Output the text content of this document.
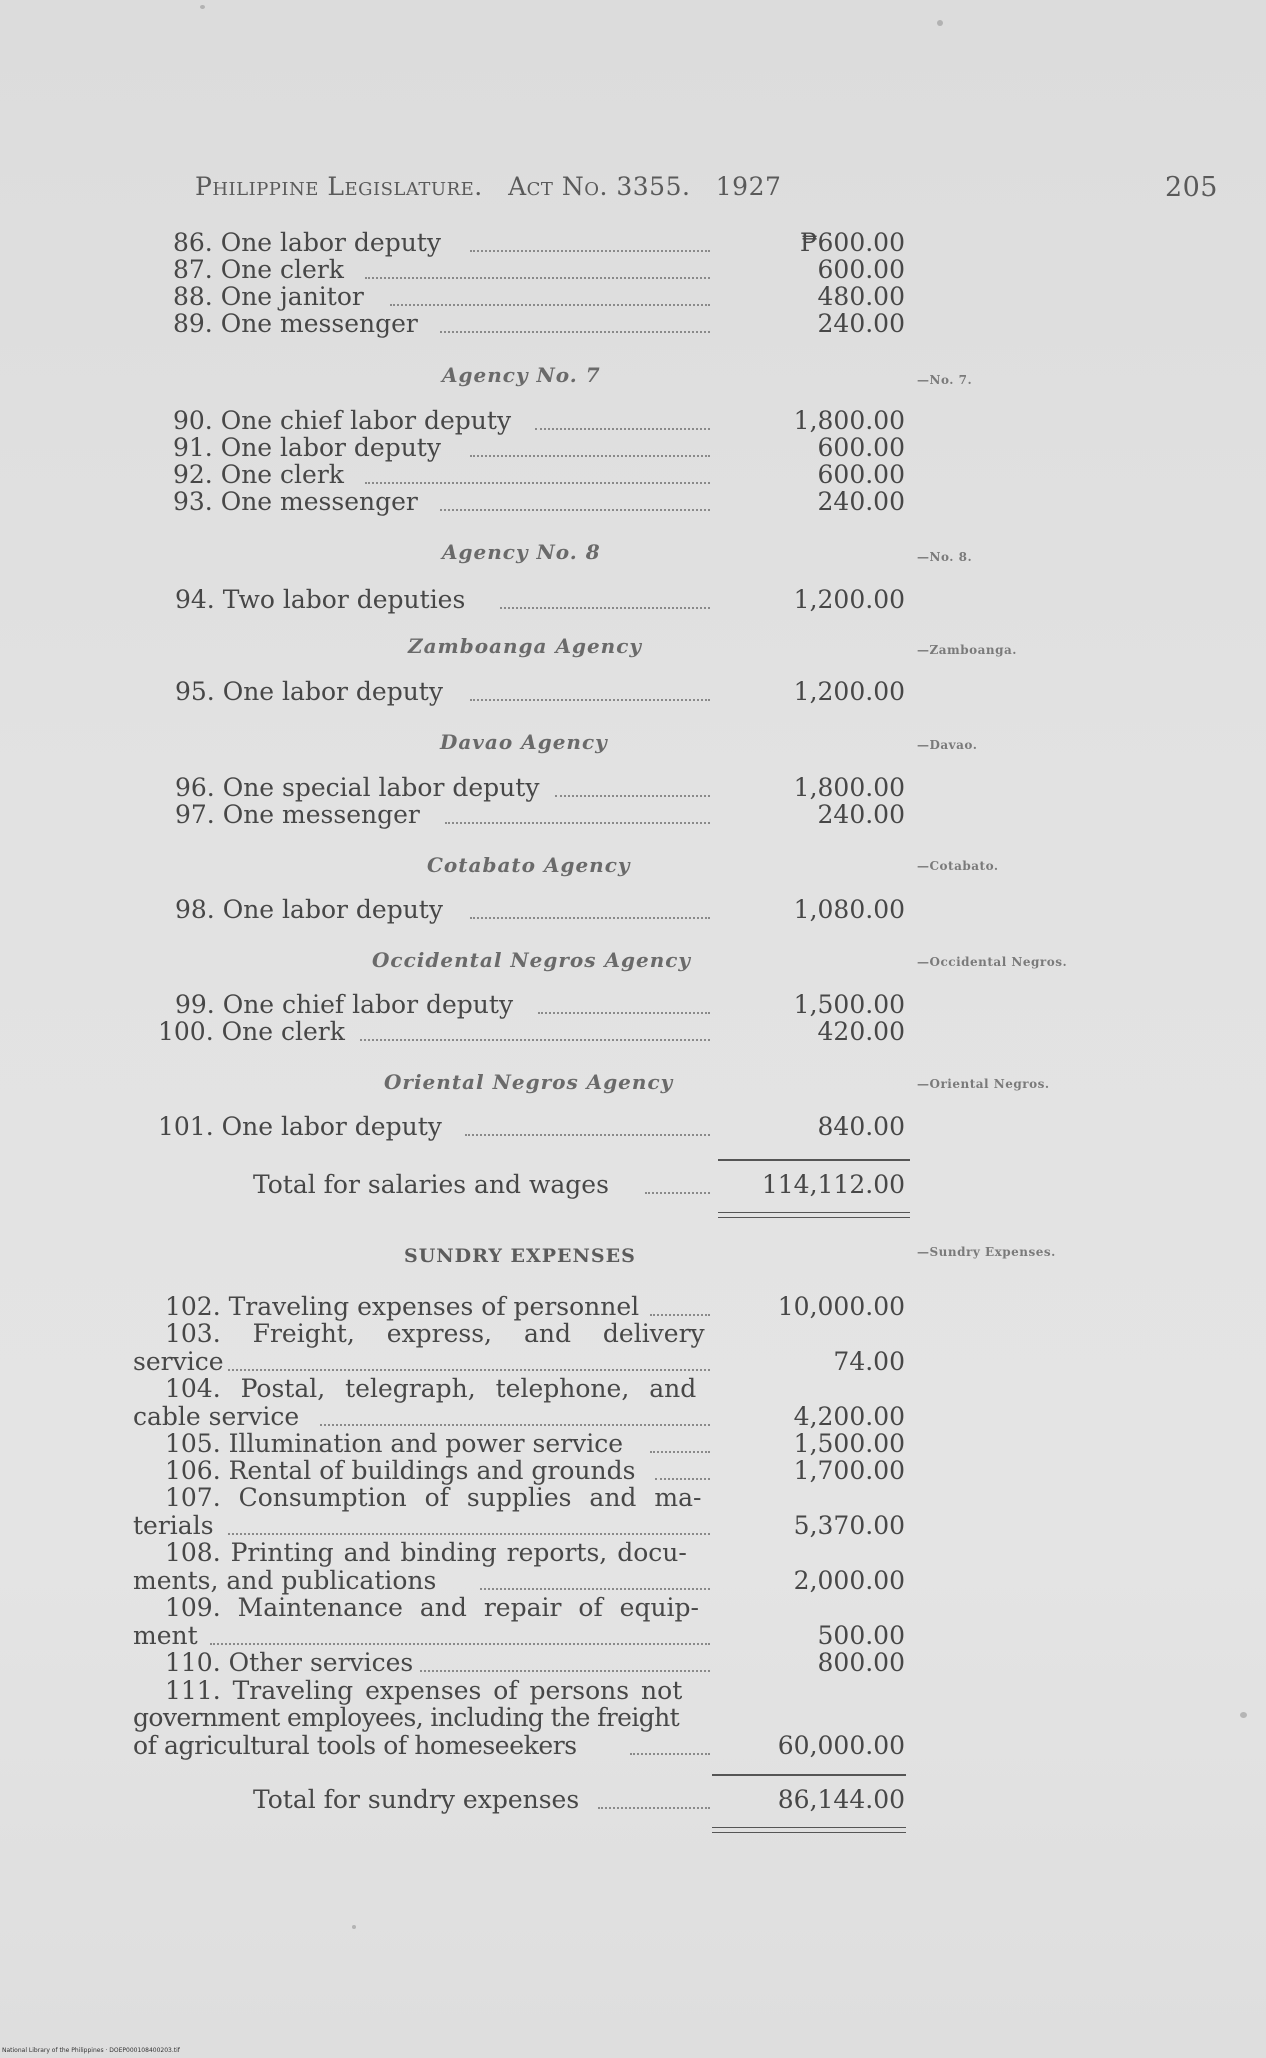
Philippine Legislature. Act No. 3355. 1927	205
86. One labor deputy	₱600.00
87. One clerk	600.00
88. One janitor	480.00
89. One messenger	240.00
Agency No. 7	—No. 7.
90. One chief labor deputy	1,800.00
91. One labor deputy	600.00
92. One clerk	600.00
93. One messenger	240.00
Agency No. 8	—No. 8.
94. Two labor deputies	1,200.00
Zamboanga Agency	—Zamboanga.
95. One labor deputy	1,200.00
Davao Agency	—Davao.
96. One special labor deputy	1,800.00
97. One messenger	240.00
Cotabato Agency	—Cotabato.
98. One labor deputy	1,080.00
Occidental Negros Agency	—Occidental Negros.
99. One chief labor deputy	1,500.00
100. One clerk	420.00
Oriental Negros Agency	—Oriental Negros.
101. One labor deputy	840.00
Total for salaries and wages	114,112.00
SUNDRY EXPENSES	—Sundry Expenses.
102. Traveling expenses of personnel	10,000.00
103. Freight, express, and delivery
service	74.00
104. Postal, telegraph, telephone, and
cable service	4,200.00
105. Illumination and power service	1,500.00
106. Rental of buildings and grounds	1,700.00
107. Consumption of supplies and ma-
terials	5,370.00
108. Printing and binding reports, docu-
ments, and publications	2,000.00
109. Maintenance and repair of equip-
ment	500.00
110. Other services	800.00
111. Traveling expenses of persons not
government employees, including the freight
of agricultural tools of homeseekers	60,000.00
Total for sundry expenses	86,144.00
National Library of the Philippines · DOEP000108400203.tif
